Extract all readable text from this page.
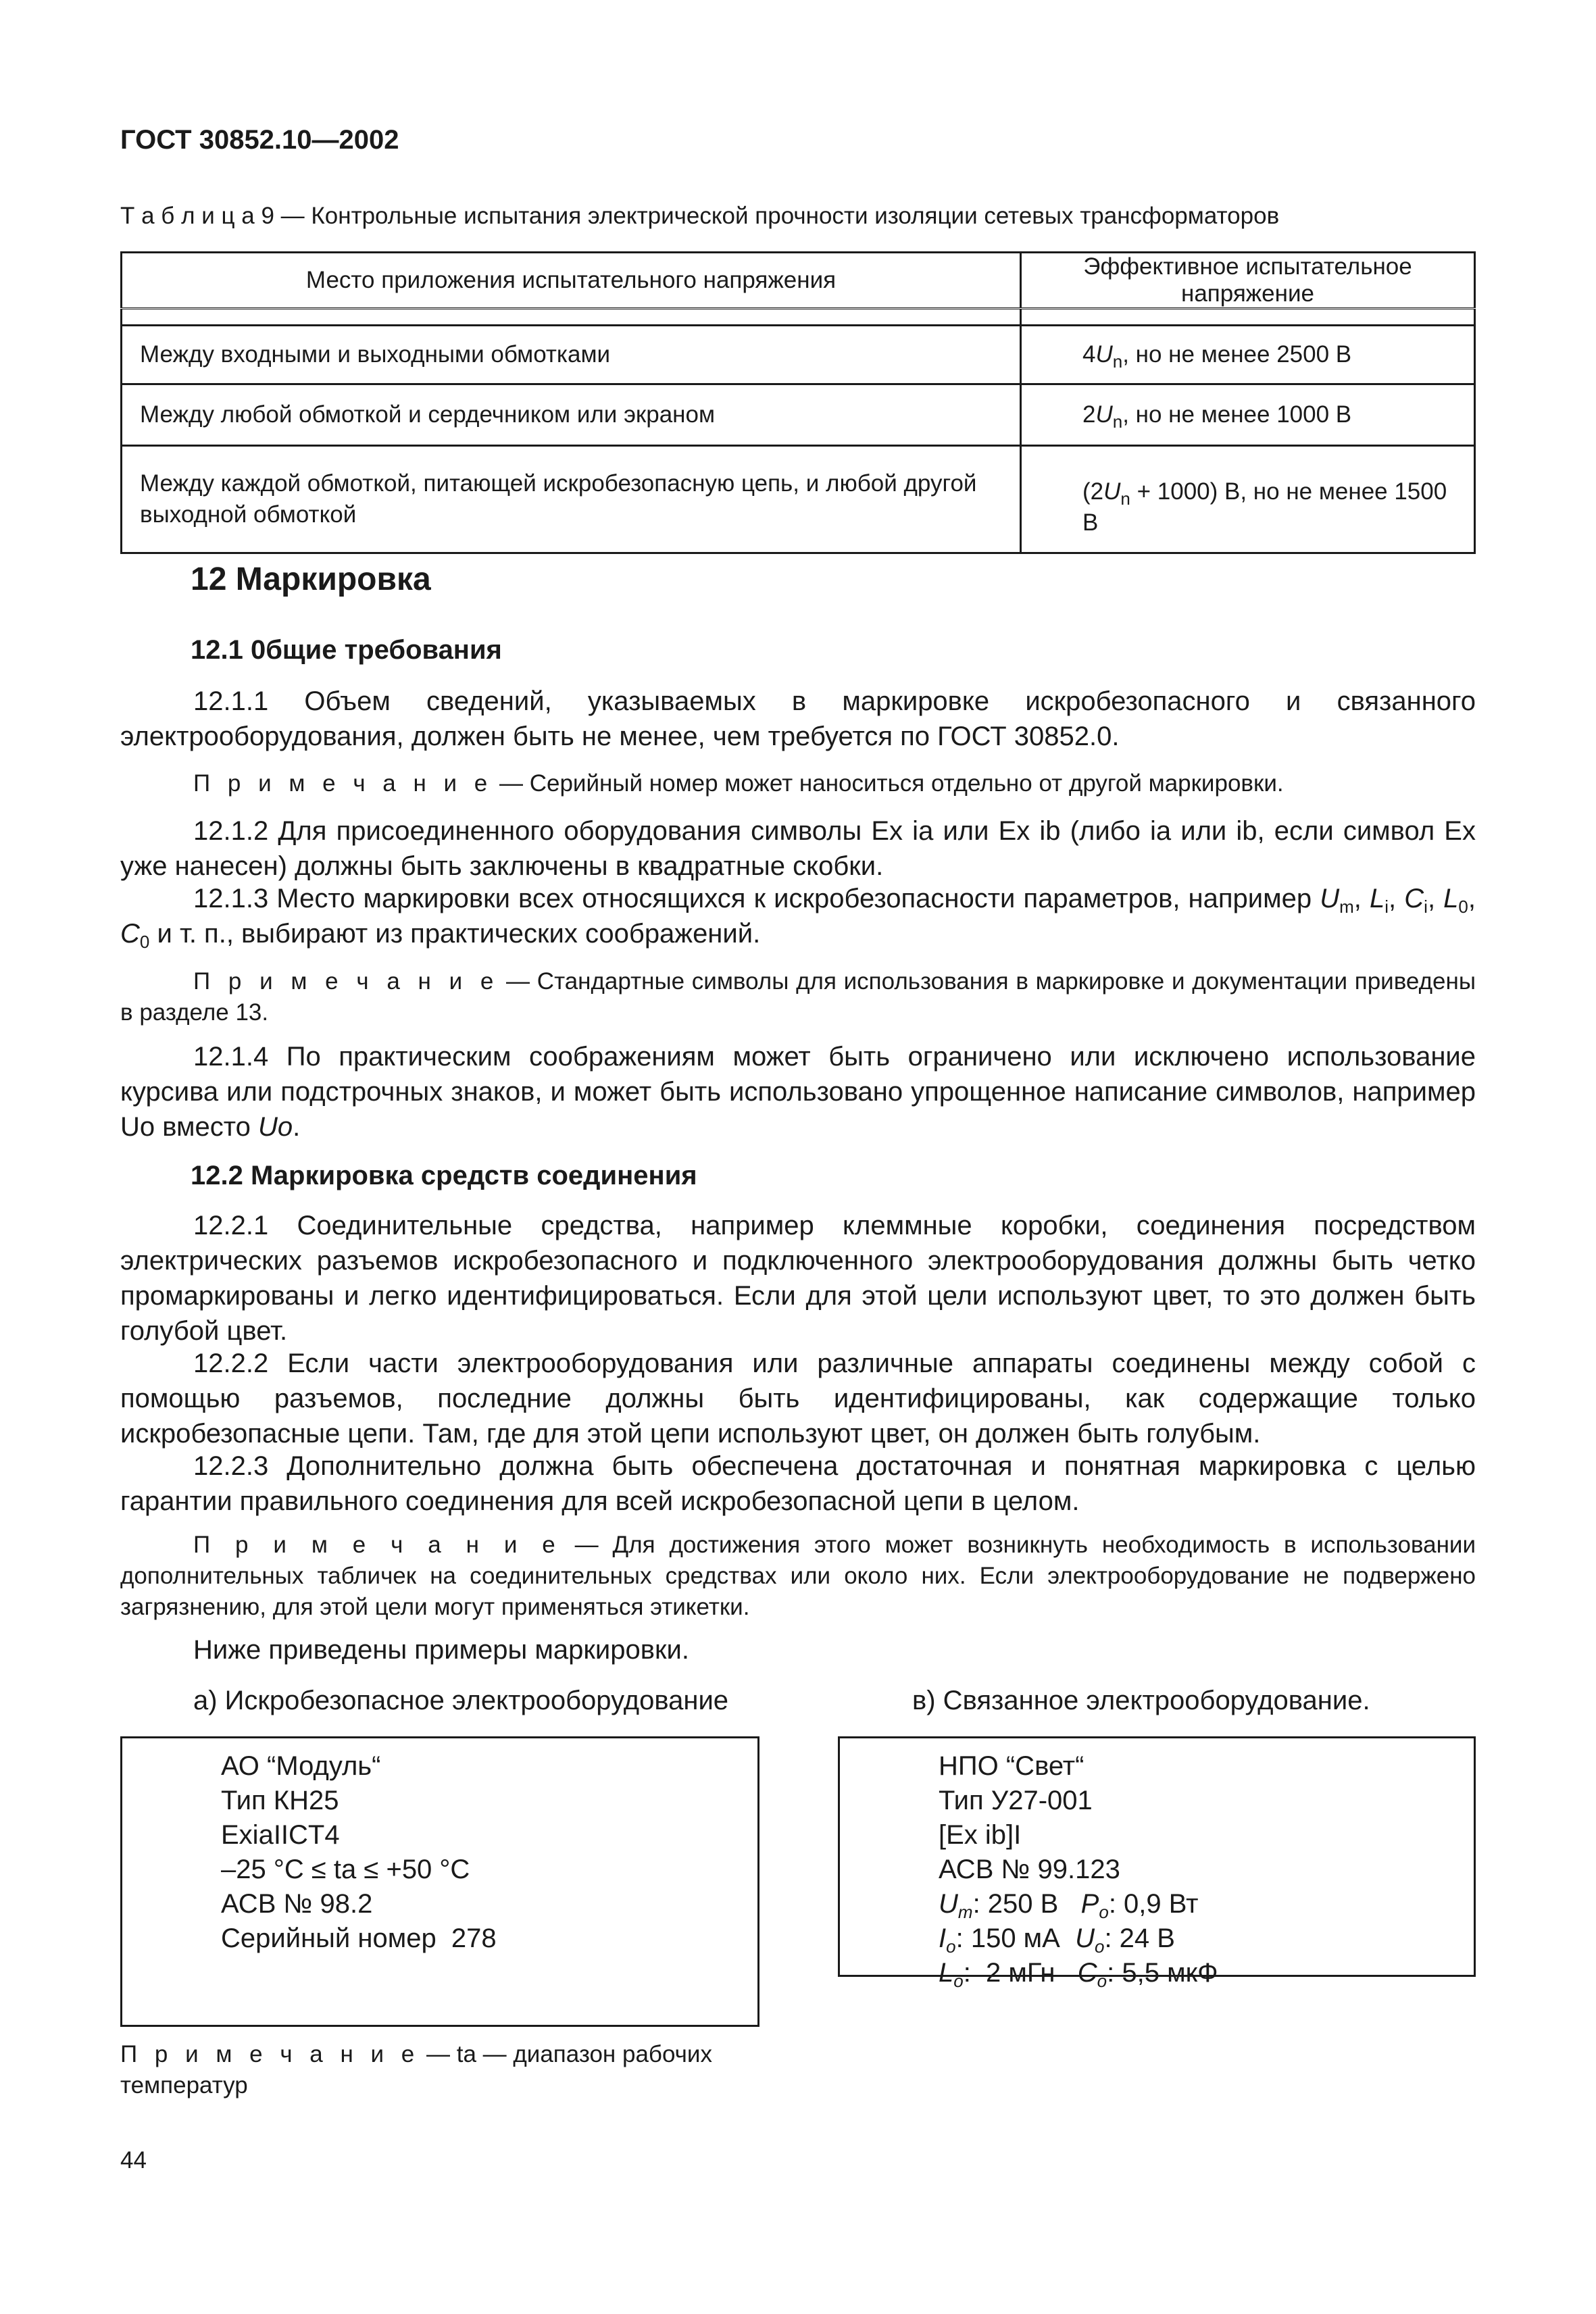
ГОСТ 30852.10—2002
Т а б л и ц а 9 — Контрольные испытания электрической прочности изоляции сетевых трансформаторов
Место приложения испытательного напряжения	Эффективное испытательное напряжение

Между входными и выходными обмотками	$4U_n$, но не менее 2500 В
Между любой обмоткой и сердечником или экраном	$2U_n$, но не менее 1000 В
Между каждой обмоткой, питающей искробезопасную цепь, и любой другой выходной обмоткой	$(2U_n + 1000)$ В, но не менее 1500 В
12 Маркировка
12.1 0бщие требования
12.1.1 Объем сведений, указываемых в маркировке искробезопасного и связанного электрооборудования, должен быть не менее, чем требуется по ГОСТ 30852.0.
П р и м е ч а н и е — Серийный номер может наноситься отдельно от другой маркировки.
12.1.2 Для присоединенного оборудования символы Ex ia или Ex ib (либо ia или ib, если символ Ex уже нанесен) должны быть заключены в квадратные скобки.
12.1.3 Место маркировки всех относящихся к искробезопасности параметров, например $U_m$, $L_i$, $C_i$, $L_0$, $C_0$ и т. п., выбирают из практических соображений.
П р и м е ч а н и е — Стандартные символы для использования в маркировке и документации приведены в разделе 13.
12.1.4 По практическим соображениям может быть ограничено или исключено использование курсива или подстрочных знаков, и может быть использовано упрощенное написание символов, например Uo вместо Uo.
12.2 Маркировка средств соединения
12.2.1 Соединительные средства, например клеммные коробки, соединения посредством электрических разъемов искробезопасного и подключенного электрооборудования должны быть четко промаркированы и легко идентифицироваться. Если для этой цели используют цвет, то это должен быть голубой цвет.
12.2.2 Если части электрооборудования или различные аппараты соединены между собой с помощью разъемов, последние должны быть идентифицированы, как содержащие только искробезопасные цепи. Там, где для этой цепи используют цвет, он должен быть голубым.
12.2.3 Дополнительно должна быть обеспечена достаточная и понятная маркировка с целью гарантии правильного соединения для всей искробезопасной цепи в целом.
П р и м е ч а н и е — Для достижения этого может возникнуть необходимость в использовании дополнительных табличек на соединительных средствах или около них. Если электрооборудование не подвержено загрязнению, для этой цели могут применяться этикетки.
Ниже приведены примеры маркировки.
а) Искробезопасное электрооборудование	в) Связанное электрооборудование.
АО “Модуль“
Тип КН25
ExiaIICT4
–25 °С ≤ ta ≤ +50 °С
АСВ № 98.2
Серийный номер  278
НПО “Свет“
Тип У27-001
[Ex ib]I
АСВ № 99.123
$U_m$: 250 В   $P_o$: 0,9 Вт
$I_o$: 150 мА  $U_o$: 24 В
$L_o$:  2 мГн   $C_o$: 5,5 мкФ
П р и м е ч а н и е — ta — диапазон рабочих температур
44
